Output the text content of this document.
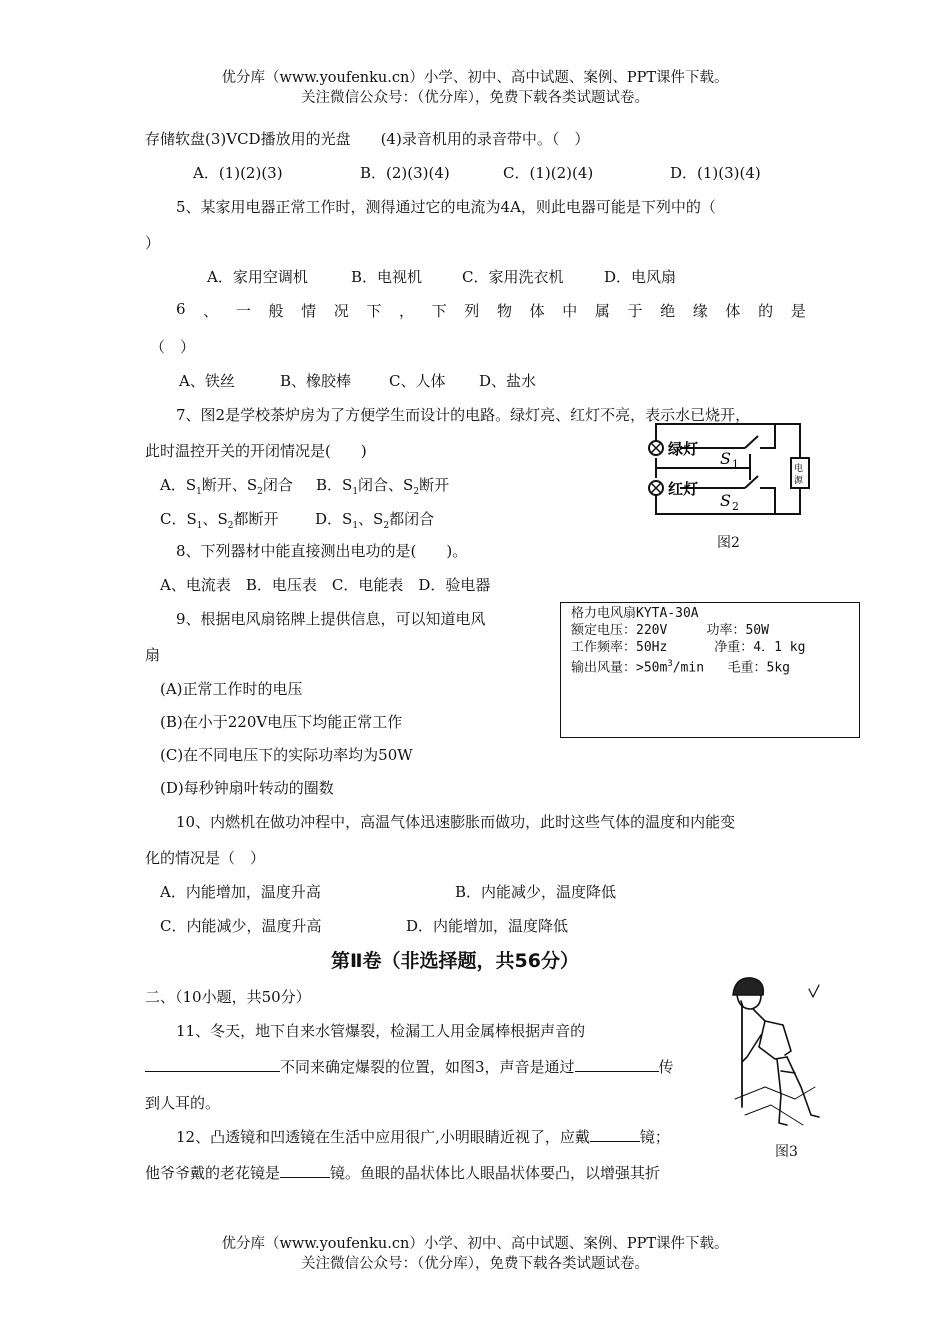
优分库（www.youfenku.cn）小学、初中、高中试题、案例、PPT课件下载。
关注微信公众号：（优分库），免费下载各类试题试卷。
存储软盘(3)VCD播放用的光盘　　(4)录音机用的录音带中。（　）
A．(1)(2)(3)	B．(2)(3)(4)	C．(1)(2)(4)	D．(1)(3)(4)
5、某家用电器正常工作时，测得通过它的电流为4A，则此电器可能是下列中的（
）
A．家用空调机	B．电视机	C．家用洗衣机	D．电风扇
6 、 一 般 情 况 下 ， 下 列 物 体 中 属 于 绝 缘 体 的 是
（　）
A、铁丝	B、橡胶棒	C、人体 D、盐水
7、图2是学校茶炉房为了方便学生而设计的电路。绿灯亮、红灯不亮，表示水已烧开，
此时温控开关的开闭情况是(　　)
A．$S_1$断开、$S_2$闭合 B．$S_1$闭合、$S_2$断开
C．$S_1$、$S_2$都断开 D．$S_1$、$S_2$都闭合
绿灯
红灯
S 1
S 2
电
源
图2
8、下列器材中能直接测出电功的是(　　)。
A、电流表　B．电压表　C．电能表　D．验电器
9、根据电风扇铭牌上提供信息，可以知道电风
扇
(A)正常工作时的电压
(B)在小于220V电压下均能正常工作
(C)在不同电压下的实际功率均为50W
(D)每秒钟扇叶转动的圈数
格力电风扇KYTA-30A
额定电压：220V     功率：50W
工作频率：50Hz      净重：4．1 kg
输出风量：$>50m^3/\min$   毛重：5kg
10、内燃机在做功冲程中，高温气体迅速膨胀而做功，此时这些气体的温度和内能变
化的情况是（　）
A．内能增加，温度升高	B．内能减少，温度降低
C．内能减少，温度升高	D．内能增加，温度降低
第Ⅱ卷（非选择题，共56分）
二、（10小题，共50分）
11、冬天，地下自来水管爆裂，检漏工人用金属棒根据声音的
不同来确定爆裂的位置，如图3，声音是通过	传
到人耳的。
图3
12、凸透镜和凹透镜在生活中应用很广,小明眼睛近视了，应戴	镜；
他爷爷戴的老花镜是	镜。鱼眼的晶状体比人眼晶状体要凸，以增强其折
优分库（www.youfenku.cn）小学、初中、高中试题、案例、PPT课件下载。
关注微信公众号：（优分库），免费下载各类试题试卷。
